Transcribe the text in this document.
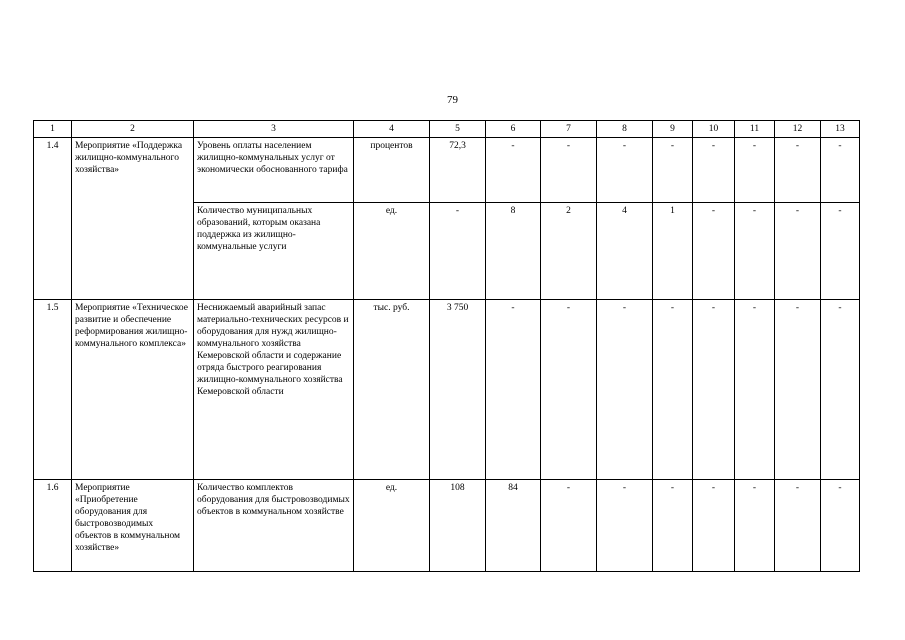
79
1	2	3	4	5	6	7	8	9	10	11	12	13
1.4	Мероприятие «Поддержка жилищно-коммунального хозяйства»	Уровень оплаты населением жилищно-коммунальных услуг от экономически обоснованного тарифа	процентов	72,3	-	-	-	-	-	-	-	-
		Количество муниципальных образований, которым оказана поддержка из жилищно-коммунальные услуги	ед.	-	8	2	4	1	-	-	-	-
1.5	Мероприятие «Техническое развитие и обеспечение реформирования жилищно-коммунального комплекса»	Неснижаемый аварийный запас материально-технических ресурсов и оборудования для нужд жилищно-коммунального хозяйства Кемеровской области и содержание отряда быстрого реагирования жилищно-коммунального хозяйства Кемеровской области	тыс. руб.	3 750	-	-	-	-	-	-	-	-
1.6	Мероприятие «Приобретение оборудования для быстровозводимых объектов в коммунальном хозяйстве»	Количество комплектов оборудования для быстровозводимых объектов в коммунальном хозяйстве	ед.	108	84	-	-	-	-	-	-	-
